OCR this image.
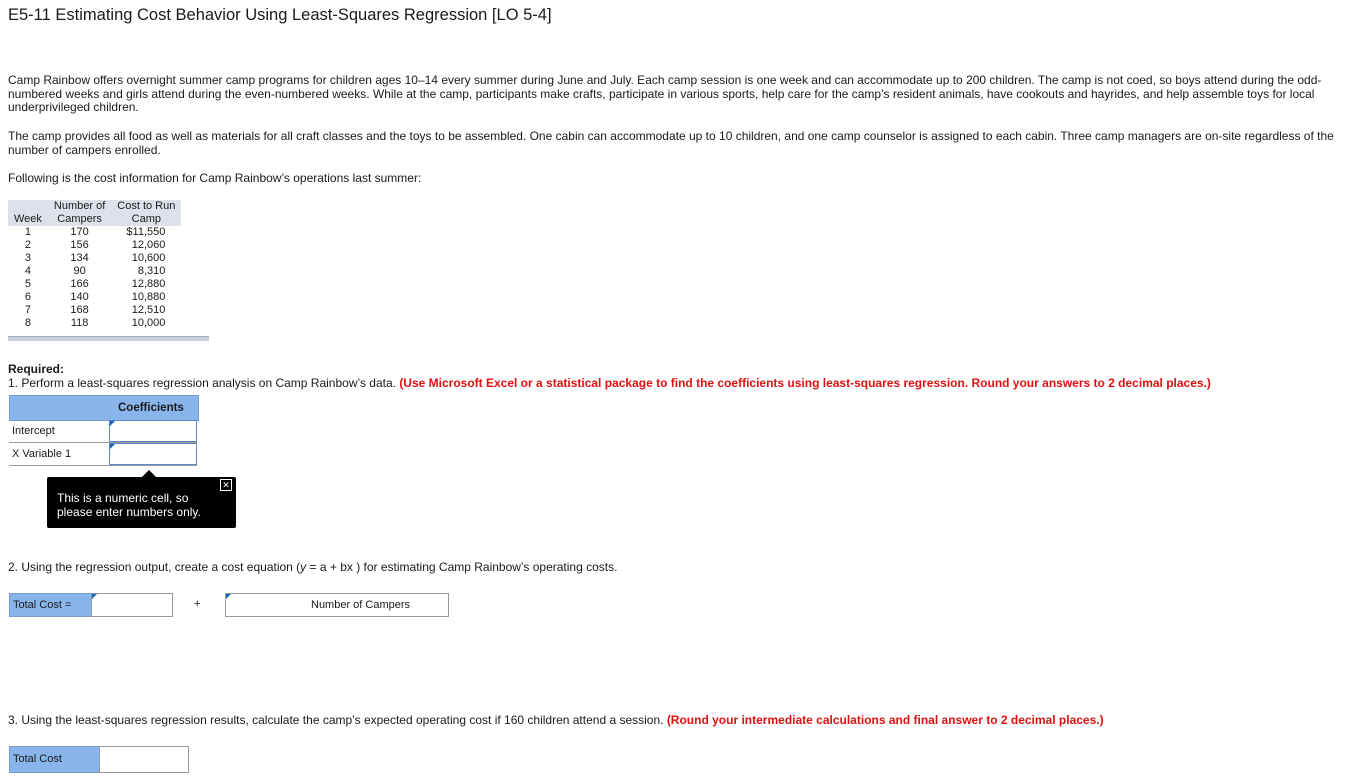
E5-11 Estimating Cost Behavior Using Least-Squares Regression [LO 5-4]
Camp Rainbow offers overnight summer camp programs for children ages 10–14 every summer during June and July. Each camp session is one week and can accommodate up to 200 children. The camp is not coed, so boys attend during the odd-numbered weeks and girls attend during the even-numbered weeks. While at the camp, participants make crafts, participate in various sports, help care for the camp’s resident animals, have cookouts and hayrides, and help assemble toys for local underprivileged children.
The camp provides all food as well as materials for all craft classes and the toys to be assembled. One cabin can accommodate up to 10 children, and one camp counselor is assigned to each cabin. Three camp managers are on-site regardless of the number of campers enrolled.
Following is the cost information for Camp Rainbow’s operations last summer:
Week	Number of	Cost to Run
	Campers	Camp
1	170	$11,550
2	156	12,060
3	134	10,600
4	90	8,310
5	166	12,880
6	140	10,880
7	168	12,510
8	118	10,000
Required:
1. Perform a least-squares regression analysis on Camp Rainbow’s data. (Use Microsoft Excel or a statistical package to find the coefficients using least-squares regression. Round your answers to 2 decimal places.)
Coefficients
Intercept
X Variable 1
✕
This is a numeric cell, so
please enter numbers only.
2. Using the regression output, create a cost equation (y = a + bx ) for estimating Camp Rainbow’s operating costs.
Total Cost =	+	Number of Campers
3. Using the least-squares regression results, calculate the camp’s expected operating cost if 160 children attend a session. (Round your intermediate calculations and final answer to 2 decimal places.)
Total Cost
